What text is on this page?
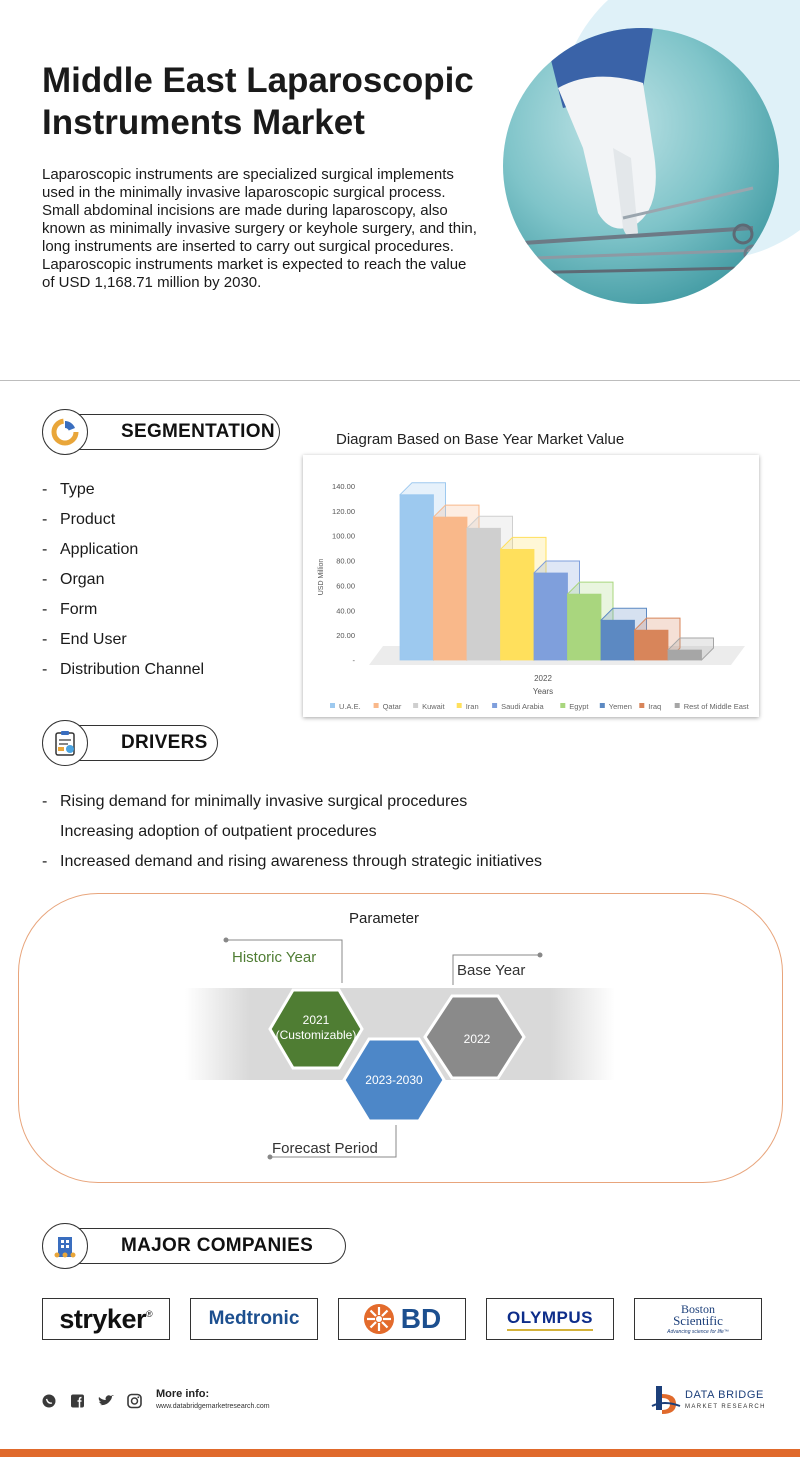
Middle East Laparoscopic
Instruments Market
Laparoscopic instruments are specialized surgical implements used in the minimally invasive laparoscopic surgical process. Small abdominal incisions are made during laparoscopy, also known as minimally invasive surgery or keyhole surgery, and thin, long instruments are inserted to carry out surgical procedures. Laparoscopic instruments market is expected to reach the value of USD 1,168.71 million by 2030.
SEGMENTATION
- Type
- Product
- Application
- Organ
- Form
- End User
- Distribution Channel
Diagram Based on Base Year Market Value
-
20.00
40.00
60.00
80.00
100.00
120.00
140.00
U.A.E.	Qatar	Kuwait	Iran	Saudi Arabia	Egypt	Yemen Iraq	Rest of Middle East
2022
Years
USD Million
DRIVERS
- Rising demand for minimally invasive surgical procedures
Increasing adoption of outpatient procedures
- Increased demand and rising awareness through strategic initiatives
Parameter
Historic Year
Base Year
Forecast Period
2021
(Customizable)	2022
2023-2030
MAJOR COMPANIES
stryker ®	Medtronic	BD	OLYMPUS	Boston
Scientific
Advancing science for life™
More info:
www.databridgemarketresearch.com
DATA BRIDGE
MARKET RESEARCH
